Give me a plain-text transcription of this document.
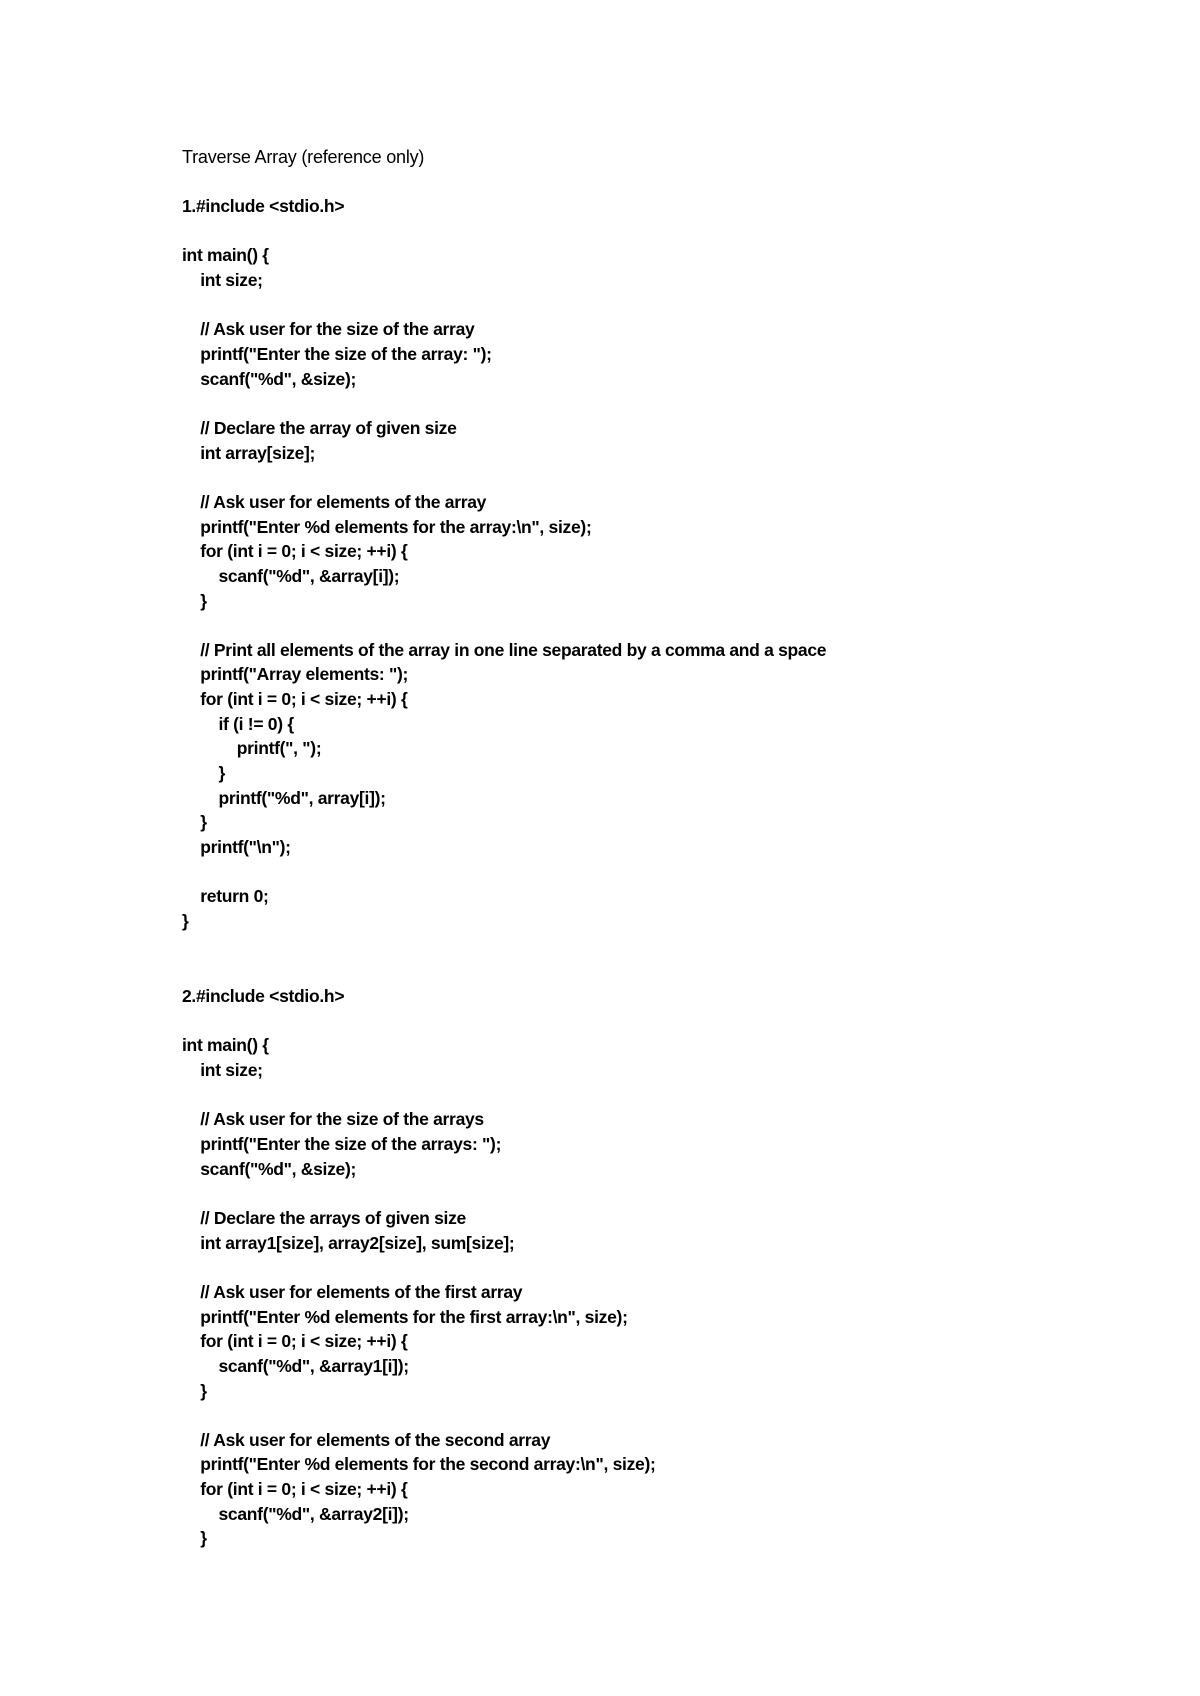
Traverse Array (reference only)
1.#include <stdio.h>

int main() {
int size;

// Ask user for the size of the array
printf("Enter the size of the array: ");
scanf("%d", &size);

// Declare the array of given size
int array[size];

// Ask user for elements of the array
printf("Enter %d elements for the array:\n", size);
for (int i = 0; i < size; ++i) {
scanf("%d", &array[i]);
}

// Print all elements of the array in one line separated by a comma and a space
printf("Array elements: ");
for (int i = 0; i < size; ++i) {
if (i != 0) {
printf(", ");
}
printf("%d", array[i]);
}
printf("\n");

return 0;
}
2.#include <stdio.h>

int main() {
int size;

// Ask user for the size of the arrays
printf("Enter the size of the arrays: ");
scanf("%d", &size);

// Declare the arrays of given size
int array1[size], array2[size], sum[size];

// Ask user for elements of the first array
printf("Enter %d elements for the first array:\n", size);
for (int i = 0; i < size; ++i) {
scanf("%d", &array1[i]);
}

// Ask user for elements of the second array
printf("Enter %d elements for the second array:\n", size);
for (int i = 0; i < size; ++i) {
scanf("%d", &array2[i]);
}
